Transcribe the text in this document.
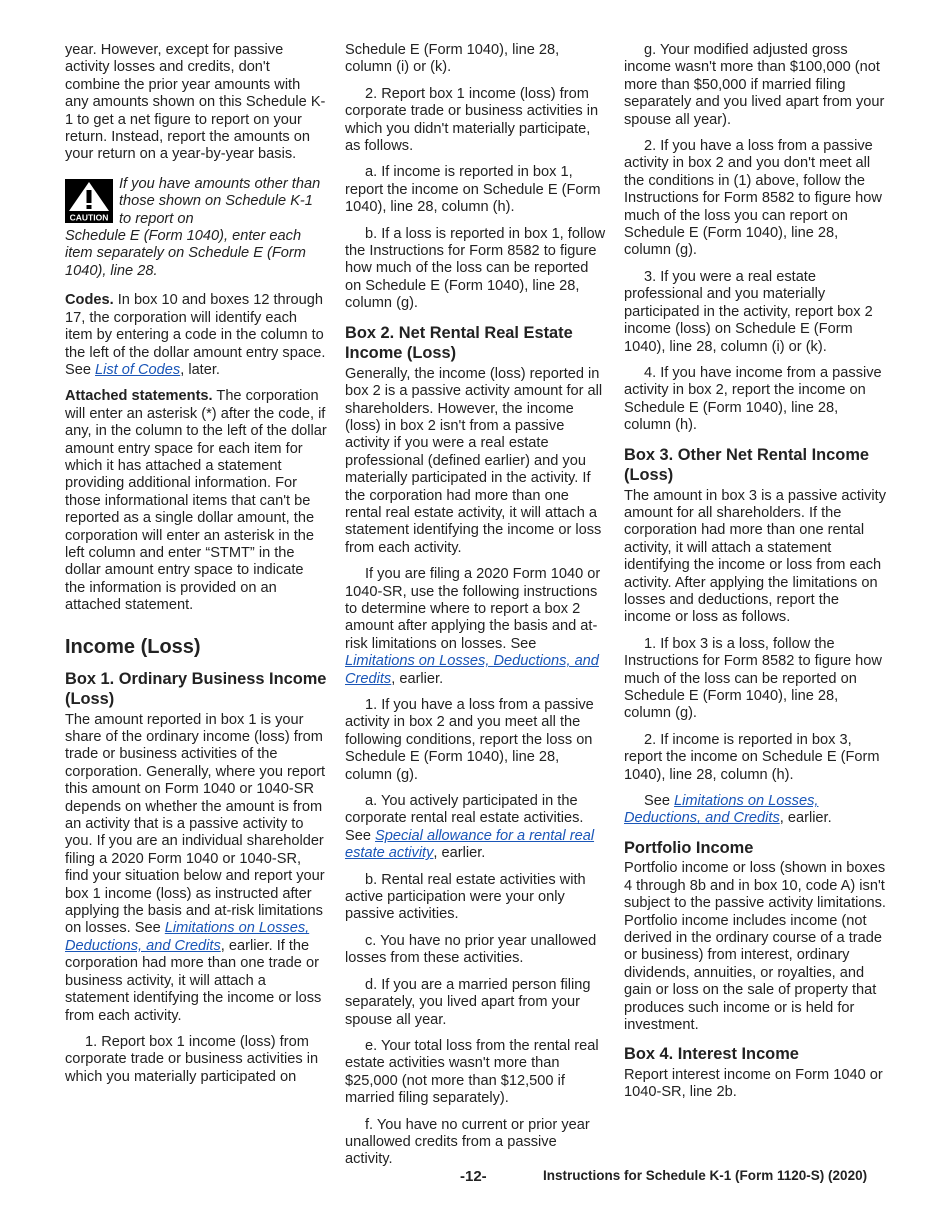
year. However, except for passive activity losses and credits, don't combine the prior year amounts with any amounts shown on this Schedule K-1 to get a net figure to report on your return. Instead, report the amounts on your return on a year-by-year basis.

CAUTION
If you have amounts other than those shown on Schedule K-1 to report on
Schedule E (Form 1040), enter each item separately on Schedule E (Form 1040), line 28.

Codes. In box 10 and boxes 12 through 17, the corporation will identify each item by entering a code in the column to the left of the dollar amount entry space. See List of Codes, later.

Attached statements. The corporation will enter an asterisk (*) after the code, if any, in the column to the left of the dollar amount entry space for each item for which it has attached a statement providing additional information. For those informational items that can't be reported as a single dollar amount, the corporation will enter an asterisk in the left column and enter “STMT” in the dollar amount entry space to indicate the information is provided on an attached statement.

Income (Loss)
Box 1. Ordinary Business Income (Loss)

The amount reported in box 1 is your share of the ordinary income (loss) from trade or business activities of the corporation. Generally, where you report this amount on Form 1040 or 1040-SR depends on whether the amount is from an activity that is a passive activity to you. If you are an individual shareholder filing a 2020 Form 1040 or 1040-SR, find your situation below and report your box 1 income (loss) as instructed after applying the basis and at-risk limitations on losses. See Limitations on Losses, Deductions, and Credits, earlier. If the corporation had more than one trade or business activity, it will attach a statement identifying the income or loss from each activity.

1. Report box 1 income (loss) from corporate trade or business activities in which you materially participated on

Schedule E (Form 1040), line 28, column (i) or (k).

2. Report box 1 income (loss) from corporate trade or business activities in which you didn't materially participate, as follows.

a. If income is reported in box 1, report the income on Schedule E (Form 1040), line 28, column (h).

b. If a loss is reported in box 1, follow the Instructions for Form 8582 to figure how much of the loss can be reported on Schedule E (Form 1040), line 28, column (g).

Box 2. Net Rental Real Estate Income (Loss)

Generally, the income (loss) reported in box 2 is a passive activity amount for all shareholders. However, the income (loss) in box 2 isn't from a passive activity if you were a real estate professional (defined earlier) and you materially participated in the activity. If the corporation had more than one rental real estate activity, it will attach a statement identifying the income or loss from each activity.

If you are filing a 2020 Form 1040 or 1040-SR, use the following instructions to determine where to report a box 2 amount after applying the basis and at-risk limitations on losses. See Limitations on Losses, Deductions, and Credits, earlier.

1. If you have a loss from a passive activity in box 2 and you meet all the following conditions, report the loss on Schedule E (Form 1040), line 28, column (g).

a. You actively participated in the corporate rental real estate activities. See Special allowance for a rental real estate activity, earlier.

b. Rental real estate activities with active participation were your only passive activities.

c. You have no prior year unallowed losses from these activities.

d. If you are a married person filing separately, you lived apart from your spouse all year.

e. Your total loss from the rental real estate activities wasn't more than $25,000 (not more than $12,500 if married filing separately).

f. You have no current or prior year unallowed credits from a passive activity.

g. Your modified adjusted gross income wasn't more than $100,000 (not more than $50,000 if married filing separately and you lived apart from your spouse all year).

2. If you have a loss from a passive activity in box 2 and you don't meet all the conditions in (1) above, follow the Instructions for Form 8582 to figure how much of the loss you can report on Schedule E (Form 1040), line 28, column (g).

3. If you were a real estate professional and you materially participated in the activity, report box 2 income (loss) on Schedule E (Form 1040), line 28, column (i) or (k).

4. If you have income from a passive activity in box 2, report the income on Schedule E (Form 1040), line 28, column (h).

Box 3. Other Net Rental Income (Loss)

The amount in box 3 is a passive activity amount for all shareholders. If the corporation had more than one rental activity, it will attach a statement identifying the income or loss from each activity. After applying the limitations on losses and deductions, report the income or loss as follows.

1. If box 3 is a loss, follow the Instructions for Form 8582 to figure how much of the loss can be reported on Schedule E (Form 1040), line 28, column (g).

2. If income is reported in box 3, report the income on Schedule E (Form 1040), line 28, column (h).

See Limitations on Losses, Deductions, and Credits, earlier.

Portfolio Income

Portfolio income or loss (shown in boxes 4 through 8b and in box 10, code A) isn't subject to the passive activity limitations. Portfolio income includes income (not derived in the ordinary course of a trade or business) from interest, ordinary dividends, annuities, or royalties, and gain or loss on the sale of property that produces such income or is held for investment.

Box 4. Interest Income

Report interest income on Form 1040 or 1040-SR, line 2b.

-12-	Instructions for Schedule K-1 (Form 1120-S) (2020)
